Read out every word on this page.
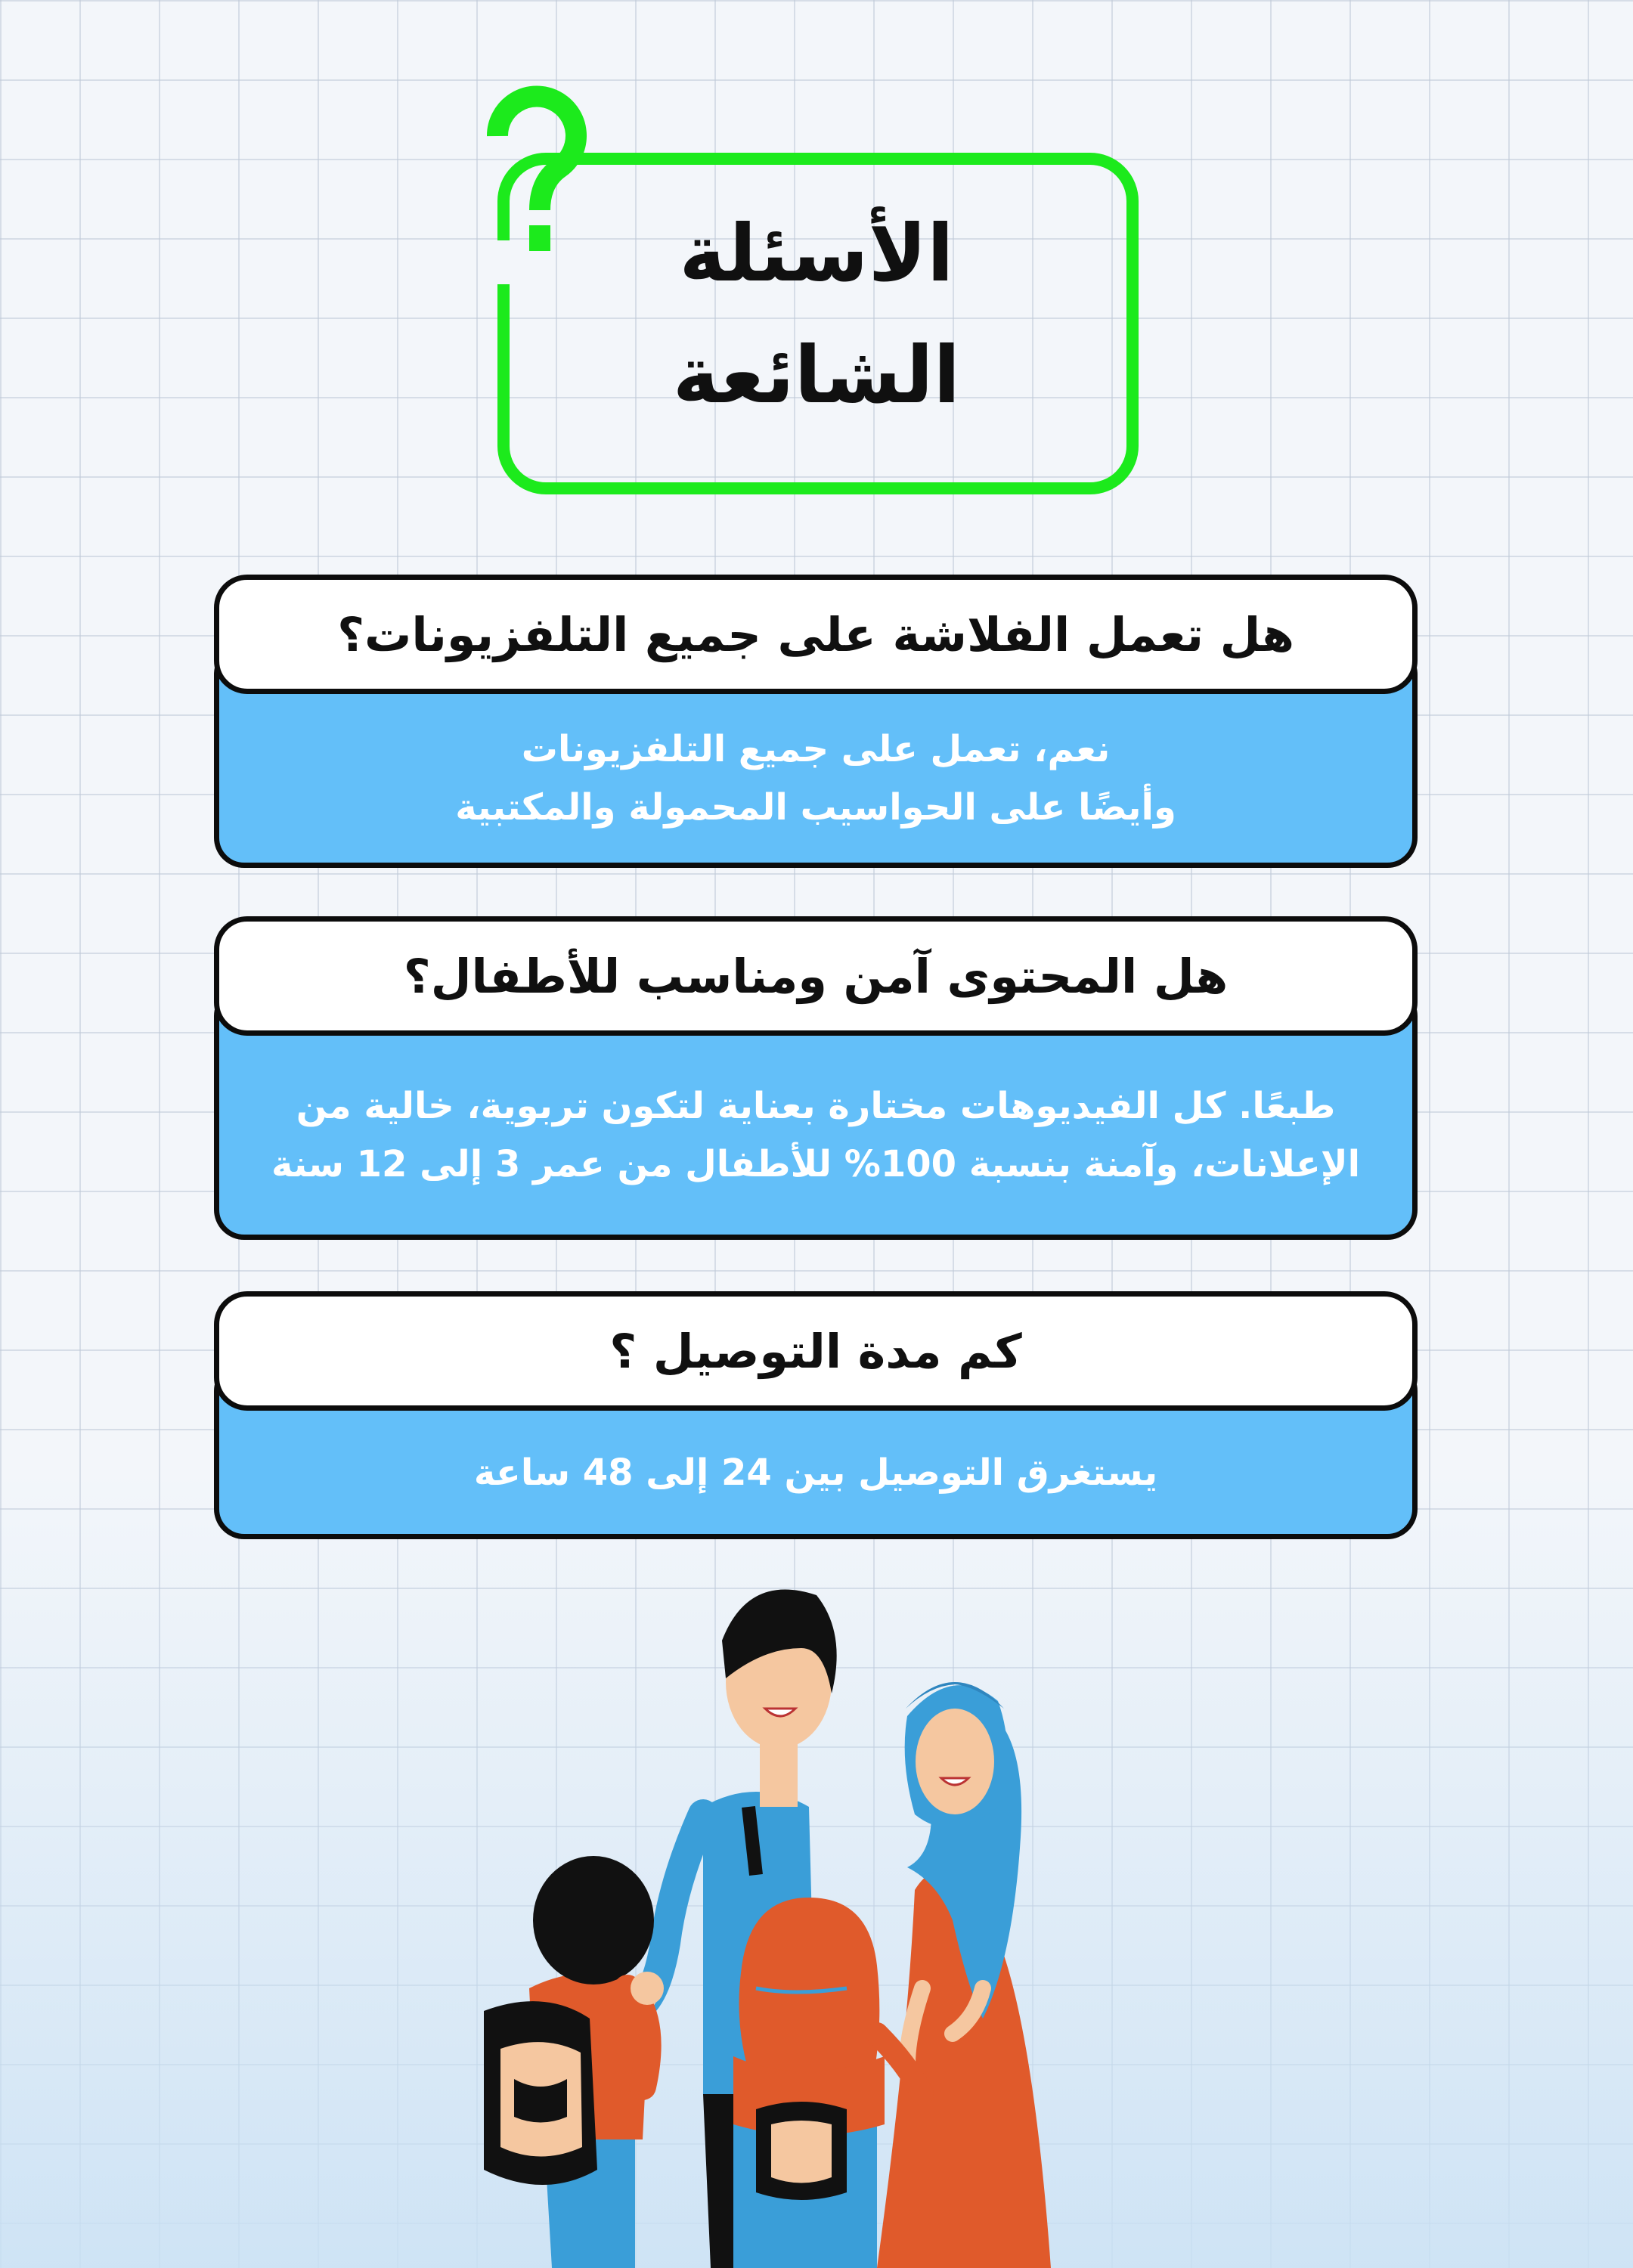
الأسئلة
الشائعة
نعم، تعمل على جميع التلفزيونات
وأيضًا على الحواسيب المحمولة والمكتبية
هل تعمل الفلاشة على جميع التلفزيونات؟
طبعًا. كل الفيديوهات مختارة بعناية لتكون تربوية، خالية من
الإعلانات، وآمنة بنسبة 100% للأطفال من عمر 3 إلى 12 سنة
هل المحتوى آمن ومناسب للأطفال؟
يستغرق التوصيل بين 24 إلى 48 ساعة
كم مدة التوصيل ؟
